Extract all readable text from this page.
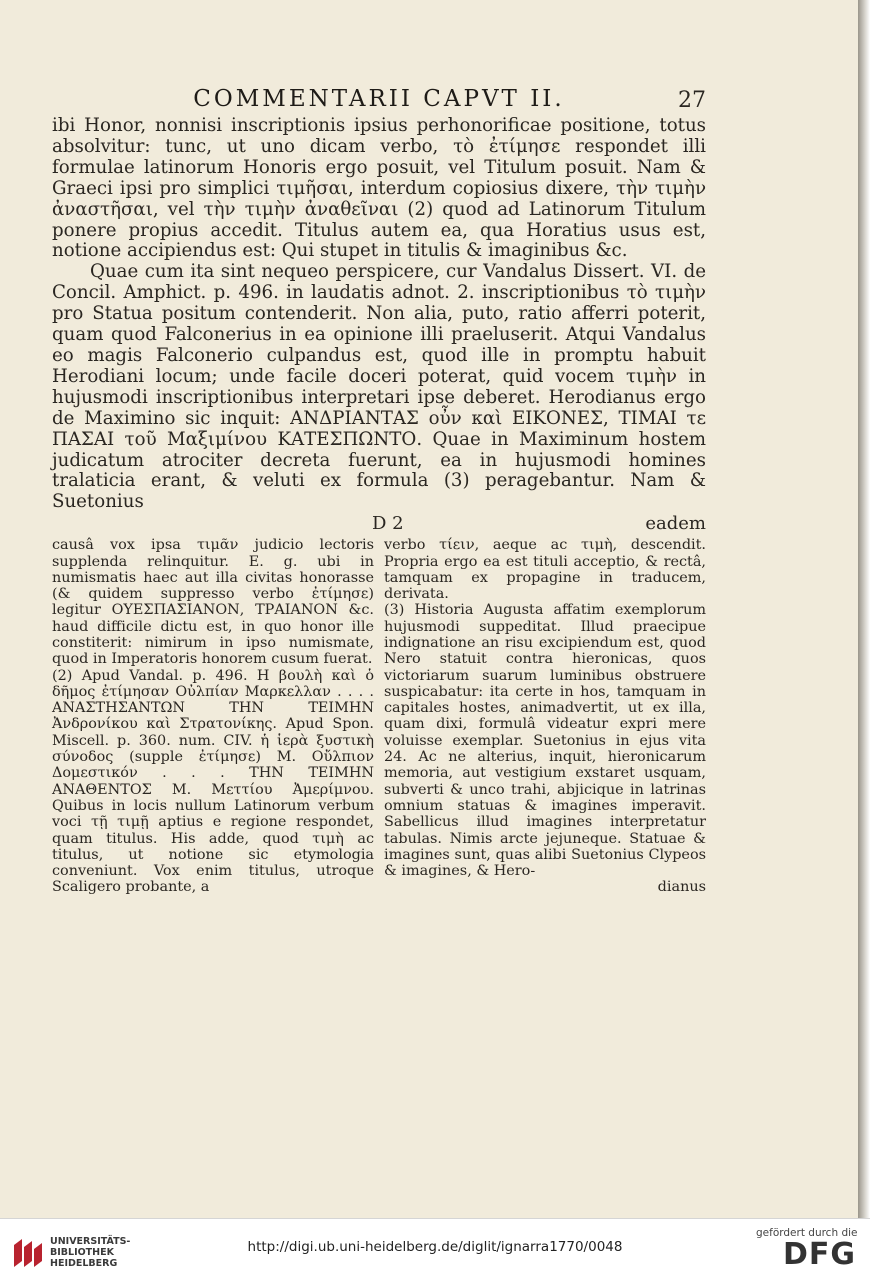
COMMENTARII CAPVT II.	27

ibi Honor, nonnisi inscriptionis ipsius perhonorificae positione, totus absolvitur: tunc, ut uno dicam verbo, τὸ ἐτίμησε respondet illi formulae latinorum Honoris ergo posuit, vel Titulum posuit. Nam & Graeci ipsi pro simplici τιμῆσαι, interdum copiosius dixere, τὴν τιμὴν ἀναστῆσαι, vel τὴν τιμὴν ἀναθεῖναι (2) quod ad Latinorum Titulum ponere propius accedit. Titulus autem ea, qua Horatius usus est, notione accipiendus est: Qui stupet in titulis & imaginibus &c.

Quae cum ita sint nequeo perspicere, cur Vandalus Dissert. VI. de Concil. Amphict. p. 496. in laudatis adnot. 2. inscriptionibus τὸ τιμὴν pro Statua positum contenderit. Non alia, puto, ratio afferri poterit, quam quod Falconerius in ea opinione illi praeluserit. Atqui Vandalus eo magis Falconerio culpandus est, quod ille in promptu habuit Herodiani locum; unde facile doceri poterat, quid vocem τιμὴν in hujusmodi inscriptionibus interpretari ipse deberet. Herodianus ergo de Maximino sic inquit: ΑΝΔΡΙΑΝΤΑΣ οὖν καὶ ΕΙΚΟΝΕΣ, ΤΙΜΑΙ τε ΠΑΣΑΙ τοῦ Μαξιμίνου ΚΑΤΕΣΠΩΝΤΟ. Quae in Maximinum hostem judicatum atrociter decreta fuerunt, ea in hujusmodi homines tralaticia erant, & veluti ex formula (3) peragebantur. Nam & Suetonius

D 2	eadem

causâ vox ipsa τιμᾶν judicio lectoris supplenda relinquitur. E. g. ubi in numismatis haec aut illa civitas honorasse (& quidem suppresso verbo ἐτίμησε) legitur ΟΥΕΣΠΑΣΙΑΝΟΝ, ΤΡΑΙΑΝΟΝ &c. haud difficile dictu est, in quo honor ille constiterit: nimirum in ipso numismate, quod in Imperatoris honorem cusum fuerat.

(2) Apud Vandal. p. 496. Η βουλὴ καὶ ὁ δῆμος ἐτίμησαν Οὐλπίαν Μαρκελλαν . . . . ΑΝΑΣΤΗΣΑΝΤΩΝ ΤΗΝ ΤΕΙΜΗΝ Ἀνδρονίκου καὶ Στρατονίκης. Apud Spon. Miscell. p. 360. num. CIV. ἡ ἱερὰ ξυστικὴ σύνοδος (supple ἐτίμησε) Μ. Οὔλπιον Δομεστικόν . . . ΤΗΝ ΤΕΙΜΗΝ ΑΝΑΘΕΝΤΟΣ Μ. Μεττίου Ἀμερίμνου. Quibus in locis nullum Latinorum verbum voci τῇ τιμῇ aptius e regione respondet, quam titulus. His adde, quod τιμὴ ac titulus, ut notione sic etymologia conveniunt. Vox enim titulus, utroque Scaligero probante, a

verbo τίειν, aeque ac τιμὴ, descendit. Propria ergo ea est tituli acceptio, & rectâ, tamquam ex propagine in traducem, derivata.

(3) Historia Augusta affatim exemplorum hujusmodi suppeditat. Illud praecipue indignatione an risu excipiendum est, quod Nero statuit contra hieronicas, quos victoriarum suarum luminibus obstruere suspicabatur: ita certe in hos, tamquam in capitales hostes, animadvertit, ut ex illa, quam dixi, formulâ videatur expri mere voluisse exemplar. Suetonius in ejus vita 24. Ac ne alterius, inquit, hieronicarum memoria, aut vestigium exstaret usquam, subverti & unco trahi, abjicique in latrinas omnium statuas & imagines imperavit. Sabellicus illud imagines interpretatur tabulas. Nimis arcte jejuneque. Statuae & imagines sunt, quas alibi Suetonius Clypeos & imagines, & Hero-

dianus

UNIVERSITÄTS-
BIBLIOTHEK
HEIDELBERG
http://digi.ub.uni-heidelberg.de/diglit/ignarra1770/0048
gefördert durch die
DFG
